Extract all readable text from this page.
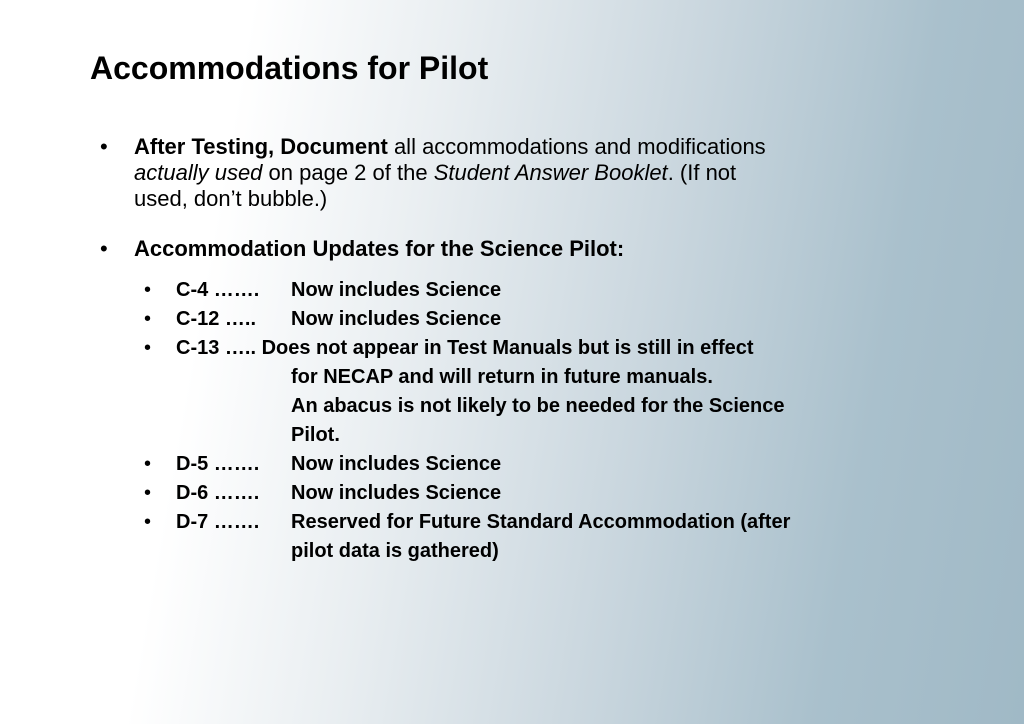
Accommodations for Pilot
• After Testing, Document all accommodations and modifications
actually used on page 2 of the Student Answer Booklet. (If not
used, don’t bubble.)
• Accommodation Updates for the Science Pilot:
• C-4 ……. Now includes Science
• C-12 ….. Now includes Science
• C-13 ….. Does not appear in Test Manuals but is still in effect
for NECAP and will return in future manuals.
An abacus is not likely to be needed for the Science
Pilot.
• D-5 ……. Now includes Science
• D-6 ……. Now includes Science
• D-7 ……. Reserved for Future Standard Accommodation (after
pilot data is gathered)
